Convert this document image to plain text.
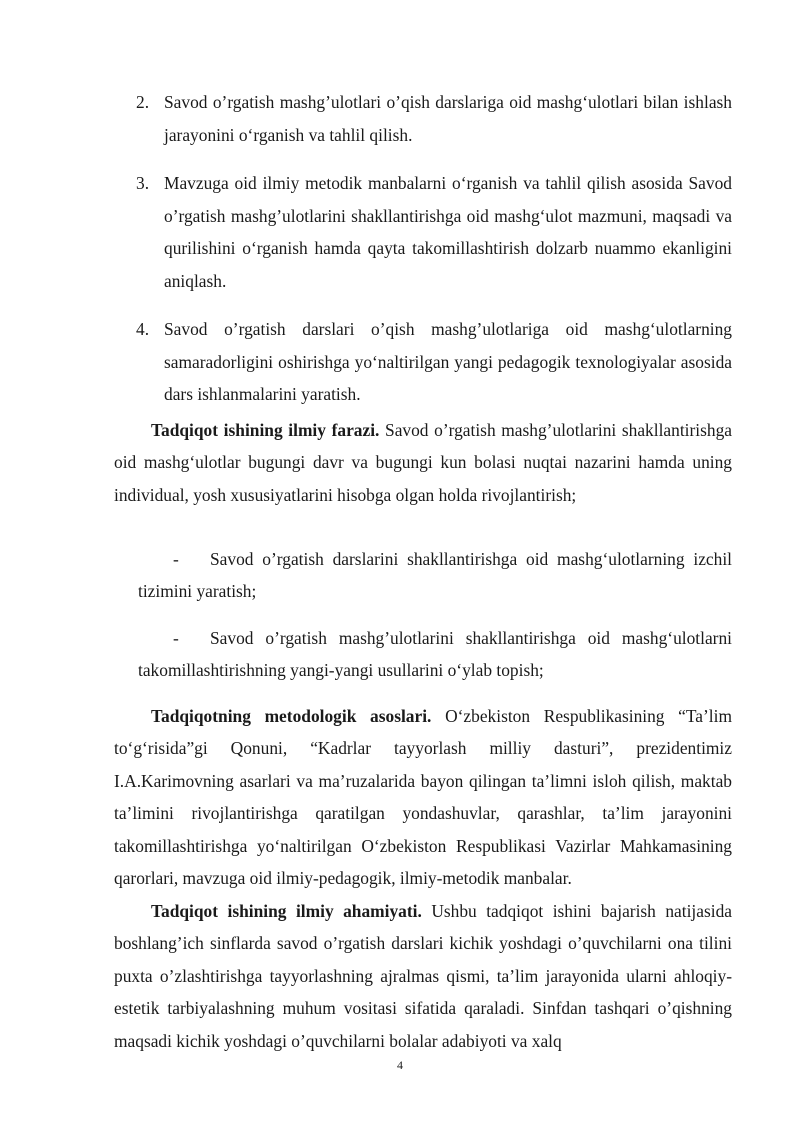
2. Savod o’rgatish mashg’ulotlari o’qish darslariga oid mashg‘ulotlari bilan ishlash jarayonini o‘rganish va tahlil qilish.
3. Mavzuga oid ilmiy metodik manbalarni o‘rganish va tahlil qilish asosida Savod o’rgatish mashg’ulotlarini shakllantirishga oid mashg‘ulot mazmuni, maqsadi va qurilishini o‘rganish hamda qayta takomillashtirish dolzarb nuammo ekanligini aniqlash.
4. Savod o’rgatish darslari o’qish mashg’ulotlariga oid mashg‘ulotlarning samaradorligini oshirishga yo‘naltirilgan yangi pedagogik texnologiyalar asosida dars ishlanmalarini yaratish.

Tadqiqot ishining ilmiy farazi. Savod o’rgatish mashg’ulotlarini shakllantirishga oid mashg‘ulotlar bugungi davr va bugungi kun bolasi nuqtai nazarini hamda uning individual, yosh xususiyatlarini hisobga olgan holda rivojlantirish;

- Savod o’rgatish darslarini shakllantirishga oid mashg‘ulotlarning izchil tizimini yaratish;

- Savod o’rgatish mashg’ulotlarini shakllantirishga oid mashg‘ulotlarni takomillashtirishning yangi-yangi usullarini o‘ylab topish;

Tadqiqotning metodologik asoslari. O‘zbekiston Respublikasining “Ta’lim to‘g‘risida”gi Qonuni, “Kadrlar tayyorlash milliy dasturi”, prezidentimiz I.A.Karimovning asarlari va ma’ruzalarida bayon qilingan ta’limni isloh qilish, maktab ta’limini rivojlantirishga qaratilgan yondashuvlar, qarashlar, ta’lim jarayonini takomillashtirishga yo‘naltirilgan O‘zbekiston Respublikasi Vazirlar Mahkamasining qarorlari, mavzuga oid ilmiy-pedagogik, ilmiy-metodik manbalar.

Tadqiqot ishining ilmiy ahamiyati. Ushbu tadqiqot ishini bajarish natijasida boshlang’ich sinflarda savod o’rgatish darslari kichik yoshdagi o’quvchilarni ona tilini puxta o’zlashtirishga tayyorlashning ajralmas qismi, ta’lim jarayonida ularni ahloqiy-estetik tarbiyalashning muhum vositasi sifatida qaraladi. Sinfdan tashqari o’qishning maqsadi kichik yoshdagi o’quvchilarni bolalar adabiyoti va xalq

4
